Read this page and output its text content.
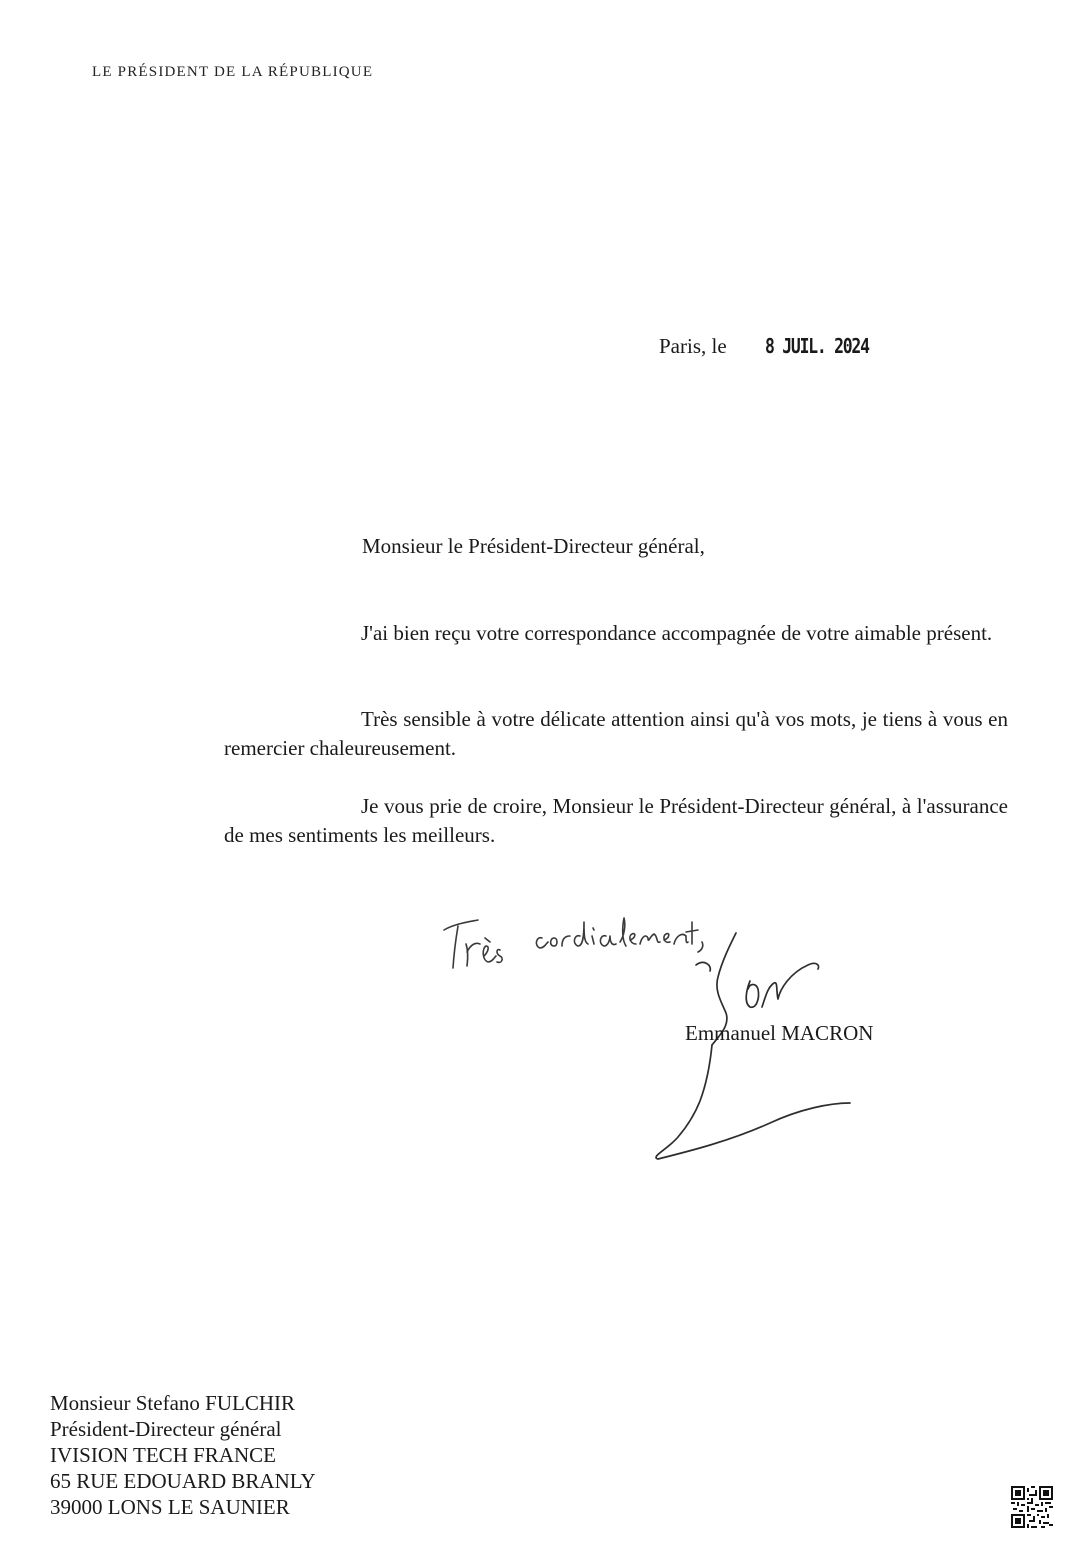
LE PRÉSIDENT DE LA RÉPUBLIQUE
Paris, le 8 JUIL. 2024
Monsieur le Président-Directeur général,

J'ai bien reçu votre correspondance accompagnée de votre aimable présent.

Très sensible à votre délicate attention ainsi qu'à vos mots, je tiens à vous en remercier chaleureusement.

Je vous prie de croire, Monsieur le Président-Directeur général, à l'assurance de mes sentiments les meilleurs.

Emmanuel MACRON
Monsieur Stefano FULCHIR
Président-Directeur général
IVISION TECH FRANCE
65 RUE EDOUARD BRANLY
39000 LONS LE SAUNIER
